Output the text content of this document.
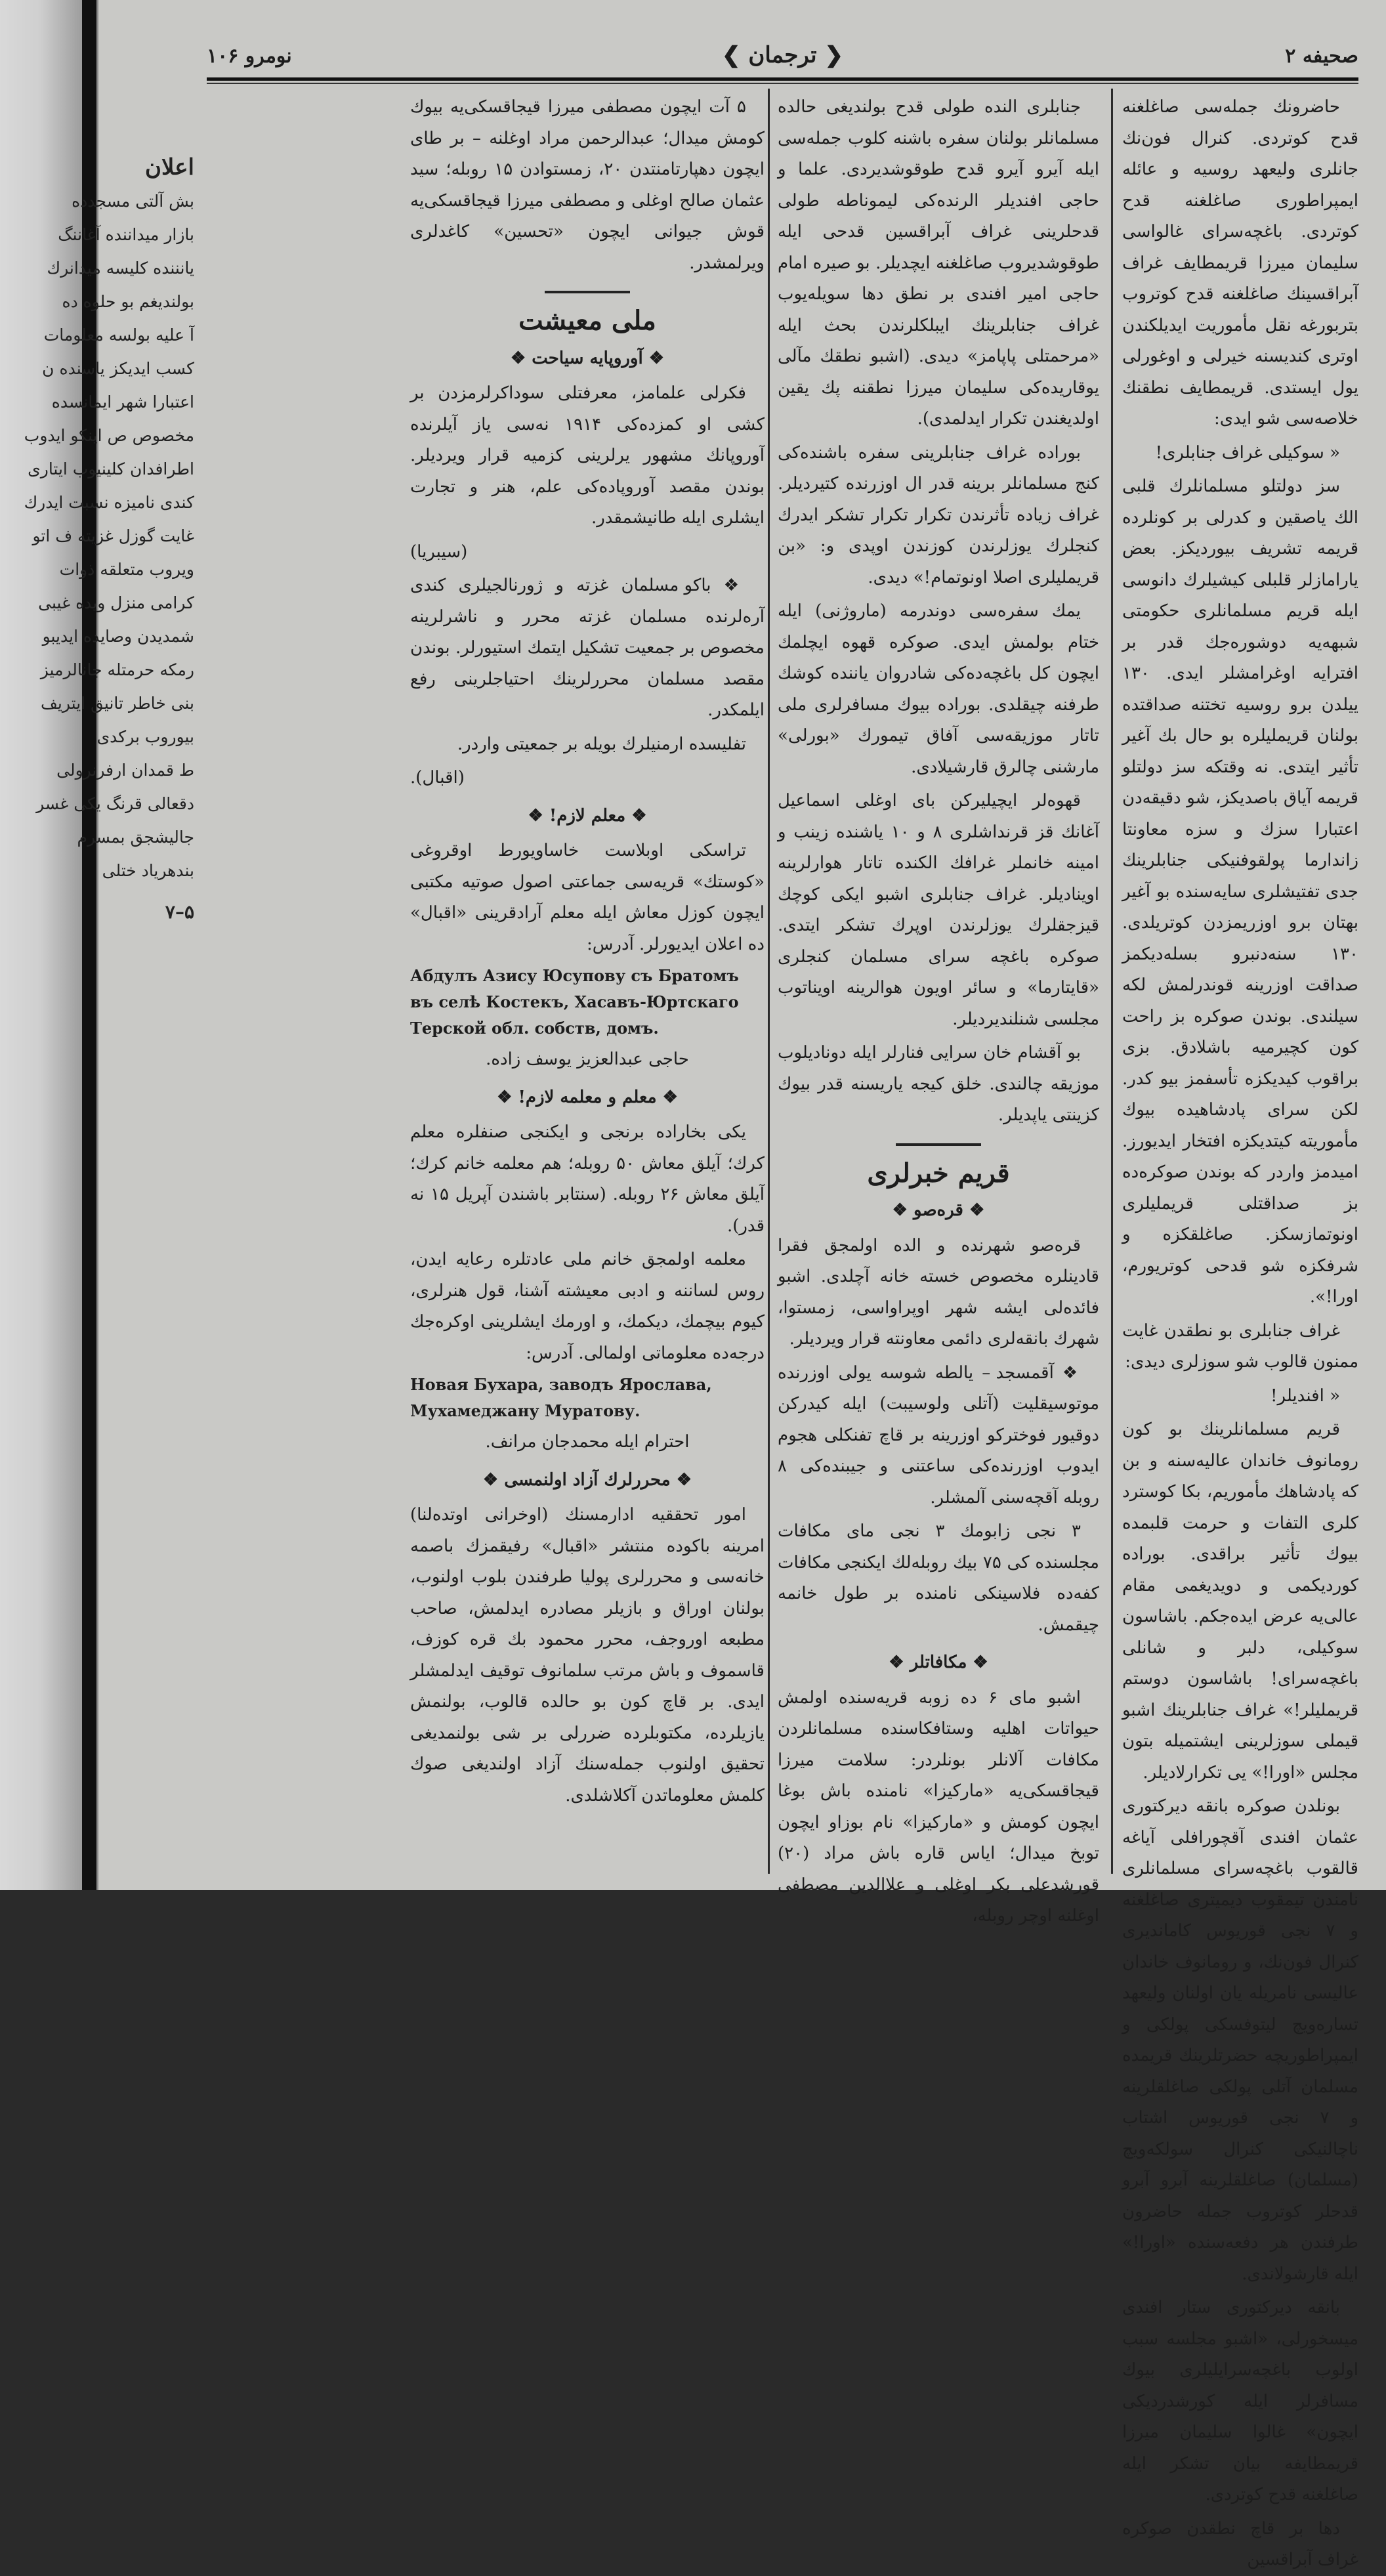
اعلان

بش آلتی مسجدده

بازار میداننده آغاننگ

یانننده کلیسه میدانرك

بولندیغم بو حلوه ده

آ علیه بولسه معلومات

کسب ایدیکز یاسنده ن

اعتبارا شهر ایمانسده

مخصوص ص اینکو ایدوب

اطرافدان کلینیوب ایتاری

کندی نامیزه نسبت ایدرك

غایت گوزل غزیته ف اتو

ویروب متعلقه ذوات

کرامی منزل ویده غیبی

شمدیدن وصایده ایدیبو

رمکه حرمتله جانالرمیز

بنی خاطر تانیق ایتریف

بیوروب برکدی

ط قمدان ارفرنرولی

دقعالی قرنگ یکی غسر

جالیشجق بمسرم

بندهریاد ختلی

۵–۷

صحیفه ۲
❮ ترجمان ❯
نومرو ۱۰۶

حاضرونك جمله‌سی صاغلغنه قدح کوتردی. کنرال فون‌نك جانلری ولیعهد روسیه و عائله ایمپراطوری صاغلغنه قدح کوتردی. باغچه‌سرای غالواسی سلیمان میرزا قریمطایف غراف آبراقسینك صاغلغنه قدح کوتروب بتربورغه نقل مأموریت ایدیلکندن اوتری کندیسنه خیرلی و اوغورلی یول ایستدی. قریمطایف نطقنك خلاصه‌سی شو ایدی:

« سوکیلی غراف جنابلری!

سز دولتلو مسلمانلرك قلبی الك یاصقین و کدرلی بر کونلرده قریمه تشریف بیوردیکز. بعض یارامازلر قلبلی کیشیلرك دانوسی ایله قریم مسلمانلری حکومتی شبهه‌یه دوشوره‌جك قدر بر افترایه اوغرامشلر ایدی. ۱۳۰ ییلدن برو روسیه تختنه صداقتده بولنان قریملیلره بو حال بك آغیر تأثیر ایتدی. نه وقتکه سز دولتلو قریمه آیاق باصدیکز، شو دقیقه‌دن اعتبارا سزك و سزه معاونتا زاندارما پولقوفنیکی جنابلرینك جدی تفتیشلری سایه‌سنده بو آغیر بهتان برو اوزریمزدن کوتریلدی. ۱۳۰ سنه‌دنبرو بسله‌دیکمز صداقت اوزرینه قوندرلمش لکه سیلندی. بوندن صوکره بز راحت کون کچیرمیه باشلادق. بزی براقوب کیدیکزه تأسفمز بیو کدر. لکن سرای پادشاهیده بیوك مأموریته کیتدیکزه افتخار ایدیورز. امیدمز واردر که بوندن صوکره‌ده بز صداقتلی قریملیلری اونوتمازسکز. صاغلقکزه و شرفکزه شو قدحی کوتریورم، اورا!».

غراف جنابلری بو نطقدن غایت ممنون قالوب شو سوزلری دیدی:

« افندیلر!

قریم مسلمانلرینك بو کون رومانوف خاندان عالیه‌سنه و بن که پادشاهك مأموریم، بکا کوسترد کلری التفات و حرمت قلبمده بیوك تأثیر براقدی. بوراده کوردیکمی و دویدیغمی مقام عالی‌یه عرض ایده‌جکم. باشاسون سوکیلی، دلبر و شانلی باغچه‌سرای! باشاسون دوستم قریملیلر!» غراف جنابلرینك اشبو قیملی سوزلرینی ایشتمیله بتون مجلس «اورا!» یی تکرارلادیلر.

بونلدن صوکره بانقه دیرکتوری عثمان افندی آقچورافلی آیاغه قالقوب باغچه‌سرای مسلمانلری نامندن تیمقوب دیمیتری صاغلغنه و ۷ نجی قوریوس کاماندیری کنرال فون‌نك، و رومانوف خاندان عالیسی نامریله یان اولنان ولیعهد تساره‌ویچ لیتوفسکی پولکی و ایمپراطوریچه حضرتلرینك قریمده مسلمان آتلی پولکی صاغلقلرینه و ۷ نجی قوریوس اشتاب ناچالنیکی کنرال سولکه‌ویچ (مسلمان) صاغلقلرینه آبرو آبرو قدحلر کوتروب جمله حاضرون طرفندن هر دفعه‌سنده «اورا!» ایله قارشولاندی.

بانقه دیرکتوری ستار افندی میسخورلی، «اشبو مجلسه سبب اولوب باغچه‌سرایلیلری بیوك مسافرلر ایله کورشدردیکی ایچون» غالوا سلیمان میرزا قریمطایفه بیان تشکر ایله صاغلغنه قدح کوتردی.

دها بر قاچ نطقدن صوکره غراف آبراقسین

جنابلری النده طولی قدح بولندیغی حالده مسلمانلر بولنان سفره باشنه کلوب جمله‌سی ایله آیرو آیرو قدح طوقوشدیردی. علما و حاجی افندیلر الرنده‌کی لیموناطه طولی قدحلرینی غراف آبراقسین قدحی ایله طوقوشدیروب صاغلغنه ایچدیلر. بو صیره امام حاجی امیر افندی بر نطق دها سویله‌یوب غراف جنابلرینك ایبلکلرندن بحث ایله «مرحمتلی پاپامز» دیدی. (اشبو نطقك مآلی یوقاریده‌کی سلیمان میرزا نطقنه پك یقین اولدیغندن تکرار ایدلمدی).

بوراده غراف جنابلرینی سفره باشنده‌کی کنج مسلمانلر برینه قدر ال اوزرنده کتیردیلر. غراف زیاده تأثرندن تکرار تکرار تشکر ایدرك کنجلرك یوزلرندن کوزندن اوپدی و: «بن قریملیلری اصلا اونوتمام!» دیدی.

یمك سفره‌سی دوندرمه (ماروژنی) ایله ختام بولمش ایدی. صوکره قهوه ایچلمك ایچون کل باغچه‌ده‌کی شادروان یاننده کوشك طرفنه چیقلدی. بوراده بیوك مسافرلری ملی تاتار موزیقه‌سی آفاق تیمورك «بورلی» مارشنی چالرق قارشیلادی.

قهوه‌لر ایچیلیرکن بای اوغلی اسماعیل آغانك قز قرنداشلری ۸ و ۱۰ یاشنده زینب و امینه خانملر غرافك الکنده تاتار هوارلرینه اوینادیلر. غراف جنابلری اشبو ایکی کوچك قیزجقلرك یوزلرندن اوپرك تشکر ایتدی. صوکره باغچه سرای مسلمان کنجلری «قایتارما» و سائر اویون هوالرینه اویناتوب مجلسی شنلندیردیلر.

بو آقشام خان سرایی فنارلر ایله دونادیلوب موزیقه چالندی. خلق کیجه یاریسنه قدر بیوك کزینتی یاپدیلر.

قریم خبرلری

❖ قره‌صو ❖

قره‌صو شهرنده و الده اولمجق فقرا قادینلره مخصوص خسته خانه آچلدی. اشبو فائده‌لی ایشه شهر اوپراواسی، زمستوا، شهرك بانقه‌لری دائمی معاونته قرار ویردیلر.

❖ آقمسجد – یالطه شوسه یولی اوزرنده موتوسیقلیت (آتلی ولوسیبت) ایله کیدرکن دوقیور فوخترکو اوزرینه بر قاچ تفنکلی هجوم ایدوب اوزرنده‌کی ساعتنی و جیبنده‌کی ۸ روبله آقچه‌سنی آلمشلر.

۳ نجی زابومك ۳ نجی مای مکافات مجلسنده کی ۷۵ بیك روبله‌لك ایکنجی مکافات کفه‌ده فلاسینکی نامنده بر طول خانمه چیقمش.

❖ مکافاتلر ❖

اشبو مای ۶ ده زوبه قریه‌سنده اولمش حیواتات اهلیه وستافکاسنده مسلمانلردن مکافات آلانلر بونلردر: سلامت میرزا قیجاقسکی‌یه «مارکیزا» نامنده باش بوغا ایچون کومش و «مارکیزا» نام بوزاو ایچون توبخ میدال؛ ایاس قاره باش مراد (۲۰) قورشدعلی بکر اوغلی و علاالدین مصطفی اوغلنه اوچر روبله،

۵ آت ایچون مصطفی میرزا قیجاقسکی‌یه بیوك کومش میدال؛ عبدالرحمن مراد اوغلنه – بر طای ایچون دهپارتامنتدن ۲۰، زمستوادن ۱۵ روبله؛ سید عثمان صالح اوغلی و مصطفی میرزا قیجاقسکی‌یه قوش جیوانی ایچون «تحسین» کاغدلری ویرلمشدر.

ملی معیشت

❖ آوروپایه سیاحت ❖

فکرلی علمامز، معرفتلی سوداکرلرمزدن بر کشی او کمزده‌کی ۱۹۱۴ نه‌سی یاز آیلرنده آوروپانك مشهور یرلرینی کزمیه قرار ویردیلر. بوندن مقصد آوروپاده‌کی علم، هنر و تجارت ایشلری ایله طانیشمقدر.

(سیبریا)

❖ باکو مسلمان غزته و ژورنالجیلری کندی آره‌لرنده مسلمان غزته محرر و ناشرلرینه مخصوص بر جمعیت تشکیل ایتمك استیورلر. بوندن مقصد مسلمان محررلرینك احتیاجلرینی رفع ایلمکدر.

تفلیسده ارمنیلرك بویله بر جمعیتی واردر.

(اقبال).

❖ معلم لازم! ❖

تراسکی اوبلاست خاساویورط اوقروغی «کوستك» قریه‌سی جماعتی اصول صوتیه مکتبی ایچون کوزل معاش ایله معلم آرادقرینی «اقبال» ده اعلان ایدیورلر. آدرس:

Абдулъ Азису Юсупову съ Братомъ въ селѣ Костекъ, Хасавъ-Юртскаго Терской обл. собств, домъ.

حاجی عبدالعزیز یوسف زاده.

❖ معلم و معلمه لازم! ❖

یکی بخاراده برنجی و ایکنجی صنفلره معلم کرك؛ آیلق معاش ۵۰ روبله؛ هم معلمه خانم کرك؛ آیلق معاش ۲۶ روبله. (سنتابر باشندن آپریل ۱۵ نه قدر).

معلمه اولمجق خانم ملی عادتلره رعایه ایدن، روس لساننه و ادبی معیشته آشنا، قول هنرلری، کیوم بیچمك، دیکمك، و اورمك ایشلرینی اوکره‌جك درجه‌ده معلوماتی اولمالی. آدرس:

Новая Бухара, заводъ Ярослава, Мухамеджану Муратову.

احترام ایله محمدجان مرانف.

❖ محررلرك آزاد اولنمسی ❖

امور تحققیه ادارمسنك (اوخرانی اوتده‌لنا) امرینه باکوده منتشر «اقبال» رفیقمزك باصمه خانه‌سی و محررلری پولیا طرفندن بلوب اولنوب، بولنان اوراق و بازیلر مصادره ایدلمش، صاحب مطبعه اوروجف، محرر محمود بك قره کوزف، قاسموف و باش مرتب سلمانوف توقیف ایدلمشلر ایدی. بر قاچ کون بو حالده قالوب، بولنمش یازیلرده، مکتوبلرده ضررلی بر شی بولنمدیغی تحقیق اولنوب جمله‌سنك آزاد اولندیغی صوك کلمش معلوماتدن آکلاشلدی.
